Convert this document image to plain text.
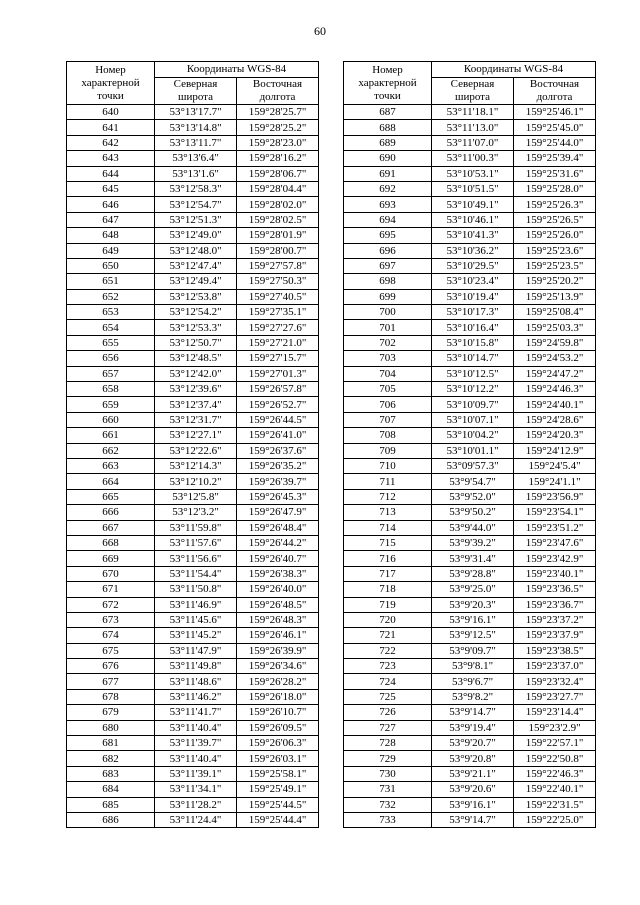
60
Номер
характерной
точки	Координаты WGS-84	
	Северная
широта	Восточная
долгота
640	53°13'17.7"	159°28'25.7"
641	53°13'14.8"	159°28'25.2"
642	53°13'11.7"	159°28'23.0"
643	53°13'6.4"	159°28'16.2"
644	53°13'1.6"	159°28'06.7"
645	53°12'58.3"	159°28'04.4"
646	53°12'54.7"	159°28'02.0"
647	53°12'51.3"	159°28'02.5"
648	53°12'49.0"	159°28'01.9"
649	53°12'48.0"	159°28'00.7"
650	53°12'47.4"	159°27'57.8"
651	53°12'49.4"	159°27'50.3"
652	53°12'53.8"	159°27'40.5"
653	53°12'54.2"	159°27'35.1"
654	53°12'53.3"	159°27'27.6"
655	53°12'50.7"	159°27'21.0"
656	53°12'48.5"	159°27'15.7"
657	53°12'42.0"	159°27'01.3"
658	53°12'39.6"	159°26'57.8"
659	53°12'37.4"	159°26'52.7"
660	53°12'31.7"	159°26'44.5"
661	53°12'27.1"	159°26'41.0"
662	53°12'22.6"	159°26'37.6"
663	53°12'14.3"	159°26'35.2"
664	53°12'10.2"	159°26'39.7"
665	53°12'5.8"	159°26'45.3"
666	53°12'3.2"	159°26'47.9"
667	53°11'59.8"	159°26'48.4"
668	53°11'57.6"	159°26'44.2"
669	53°11'56.6"	159°26'40.7"
670	53°11'54.4"	159°26'38.3"
671	53°11'50.8"	159°26'40.0"
672	53°11'46.9"	159°26'48.5"
673	53°11'45.6"	159°26'48.3"
674	53°11'45.2"	159°26'46.1"
675	53°11'47.9"	159°26'39.9"
676	53°11'49.8"	159°26'34.6"
677	53°11'48.6"	159°26'28.2"
678	53°11'46.2"	159°26'18.0"
679	53°11'41.7"	159°26'10.7"
680	53°11'40.4"	159°26'09.5"
681	53°11'39.7"	159°26'06.3"
682	53°11'40.4"	159°26'03.1"
683	53°11'39.1"	159°25'58.1"
684	53°11'34.1"	159°25'49.1"
685	53°11'28.2"	159°25'44.5"
686	53°11'24.4"	159°25'44.4"
Номер
характерной
точки	Координаты WGS-84	
	Северная
широта	Восточная
долгота
687	53°11'18.1"	159°25'46.1"
688	53°11'13.0"	159°25'45.0"
689	53°11'07.0"	159°25'44.0"
690	53°11'00.3"	159°25'39.4"
691	53°10'53.1"	159°25'31.6"
692	53°10'51.5"	159°25'28.0"
693	53°10'49.1"	159°25'26.3"
694	53°10'46.1"	159°25'26.5"
695	53°10'41.3"	159°25'26.0"
696	53°10'36.2"	159°25'23.6"
697	53°10'29.5"	159°25'23.5"
698	53°10'23.4"	159°25'20.2"
699	53°10'19.4"	159°25'13.9"
700	53°10'17.3"	159°25'08.4"
701	53°10'16.4"	159°25'03.3"
702	53°10'15.8"	159°24'59.8"
703	53°10'14.7"	159°24'53.2"
704	53°10'12.5"	159°24'47.2"
705	53°10'12.2"	159°24'46.3"
706	53°10'09.7"	159°24'40.1"
707	53°10'07.1"	159°24'28.6"
708	53°10'04.2"	159°24'20.3"
709	53°10'01.1"	159°24'12.9"
710	53°09'57.3"	159°24'5.4"
711	53°9'54.7"	159°24'1.1"
712	53°9'52.0"	159°23'56.9"
713	53°9'50.2"	159°23'54.1"
714	53°9'44.0"	159°23'51.2"
715	53°9'39.2"	159°23'47.6"
716	53°9'31.4"	159°23'42.9"
717	53°9'28.8"	159°23'40.1"
718	53°9'25.0"	159°23'36.5"
719	53°9'20.3"	159°23'36.7"
720	53°9'16.1"	159°23'37.2"
721	53°9'12.5"	159°23'37.9"
722	53°9'09.7"	159°23'38.5"
723	53°9'8.1"	159°23'37.0"
724	53°9'6.7"	159°23'32.4"
725	53°9'8.2"	159°23'27.7"
726	53°9'14.7"	159°23'14.4"
727	53°9'19.4"	159°23'2.9"
728	53°9'20.7"	159°22'57.1"
729	53°9'20.8"	159°22'50.8"
730	53°9'21.1"	159°22'46.3"
731	53°9'20.6"	159°22'40.1"
732	53°9'16.1"	159°22'31.5"
733	53°9'14.7"	159°22'25.0"
